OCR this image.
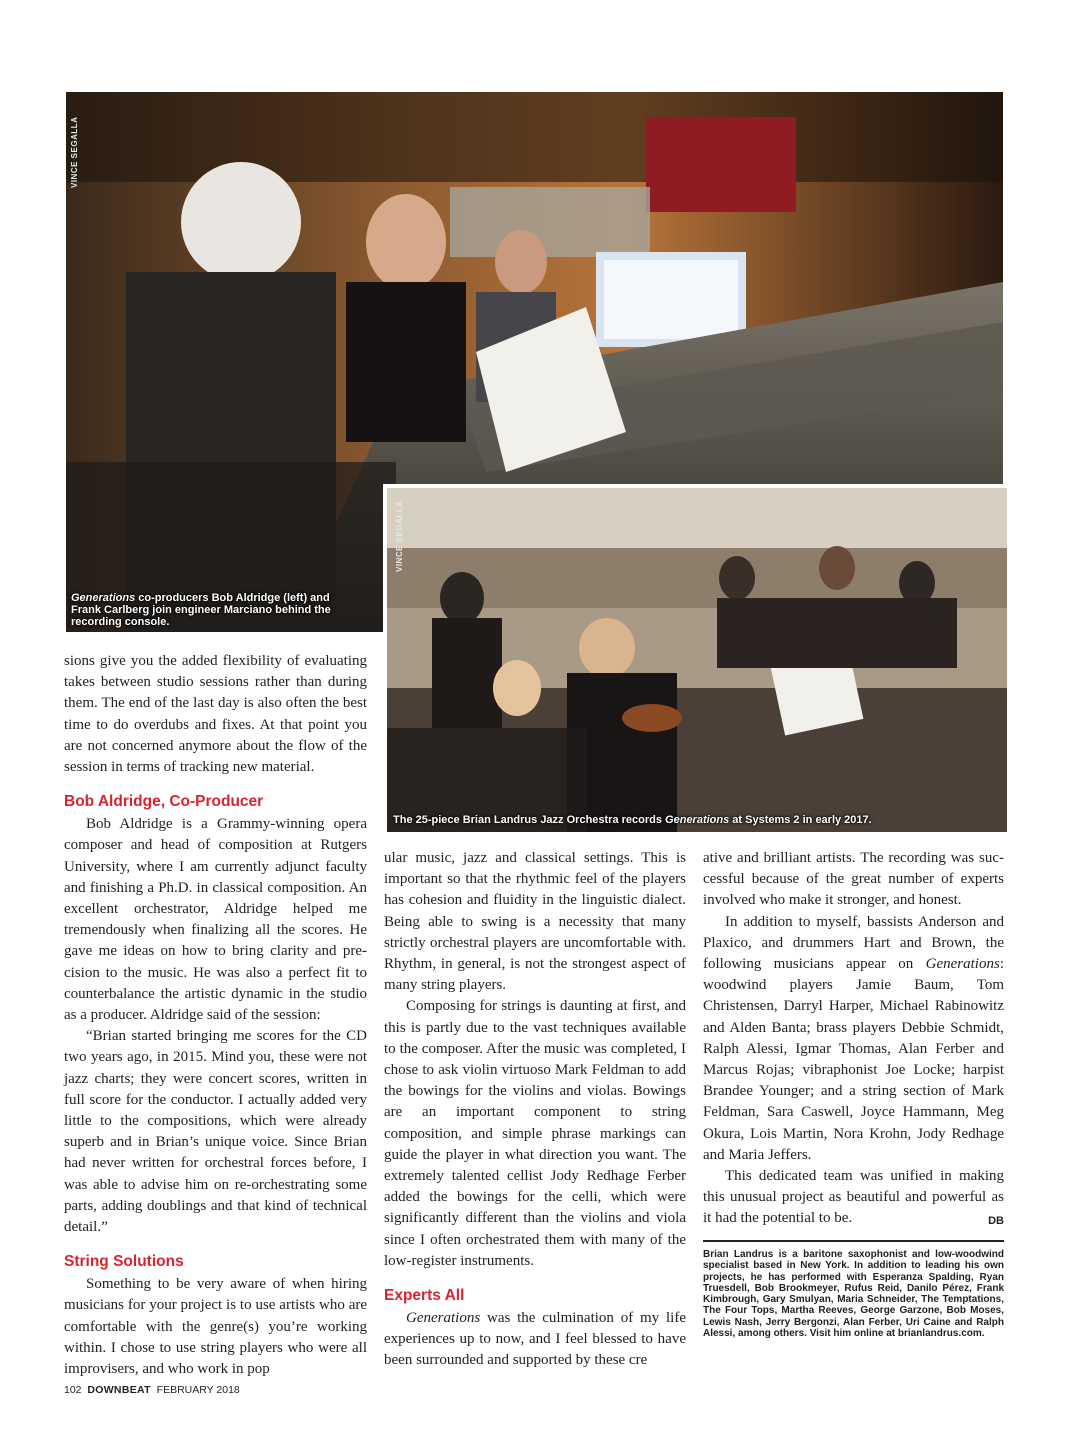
VINCE SEGALLA
Generations co-producers Bob Aldridge (left) and Frank Carlberg join engineer Marciano behind the recording console.
VINCE SEGALLA
The 25-piece Brian Landrus Jazz Orchestra records Generations at Systems 2 in early 2017.

sions give you the added flexibility of evaluating takes between studio sessions rather than during them. The end of the last day is also often the best time to do overdubs and fixes. At that point you are not concerned anymore about the flow of the session in terms of tracking new material.

Bob Aldridge, Co-Producer

Bob Aldridge is a Grammy-winning opera composer and head of composition at Rutgers University, where I am currently adjunct faculty and finishing a Ph.D. in classical composition. An excellent orchestrator, Aldridge helped me tremendously when finalizing all the scores. He gave me ideas on how to bring clarity and precision to the music. He was also a perfect fit to counterbalance the artistic dynamic in the studio as a producer. Aldridge said of the session:

“Brian started bringing me scores for the CD two years ago, in 2015. Mind you, these were not jazz charts; they were concert scores, written in full score for the conductor. I actually added very little to the compositions, which were already superb and in Brian’s unique voice. Since Brian had never written for orchestral forces before, I was able to advise him on re-orchestrating some parts, adding doublings and that kind of technical detail.”

String Solutions

Something to be very aware of when hiring musicians for your project is to use artists who are comfortable with the genre(s) you’re working within. I chose to use string players who were all improvisers, and who work in pop

ular music, jazz and classical settings. This is important so that the rhythmic feel of the players has cohesion and fluidity in the linguistic dialect. Being able to swing is a necessity that many strictly orchestral players are uncomfortable with. Rhythm, in general, is not the strongest aspect of many string players.

Composing for strings is daunting at first, and this is partly due to the vast techniques available to the composer. After the music was completed, I chose to ask violin virtuoso Mark Feldman to add the bowings for the violins and violas. Bowings are an important component to string composition, and simple phrase markings can guide the player in what direction you want. The extremely talented cellist Jody Redhage Ferber added the bowings for the celli, which were significantly different than the violins and viola since I often orchestrated them with many of the low-register instruments.

Experts All

Generations was the culmination of my life experiences up to now, and I feel blessed to have been surrounded and supported by these cre

ative and brilliant artists. The recording was successful because of the great number of experts involved who make it stronger, and honest.

In addition to myself, bassists Anderson and Plaxico, and drummers Hart and Brown, the following musicians appear on Generations: woodwind players Jamie Baum, Tom Christensen, Darryl Harper, Michael Rabinowitz and Alden Banta; brass players Debbie Schmidt, Ralph Alessi, Igmar Thomas, Alan Ferber and Marcus Rojas; vibraphonist Joe Locke; harpist Brandee Younger; and a string section of Mark Feldman, Sara Caswell, Joyce Hammann, Meg Okura, Lois Martin, Nora Krohn, Jody Redhage and Maria Jeffers.

This dedicated team was unified in making this unusual project as beautiful and powerful as it had the potential to be.	DB

Brian Landrus is a baritone saxophonist and low-woodwind specialist based in New York. In addition to leading his own projects, he has performed with Esperanza Spalding, Ryan Truesdell, Bob Brookmeyer, Rufus Reid, Danilo Pérez, Frank Kimbrough, Gary Smulyan, Maria Schneider, The Temptations, The Four Tops, Martha Reeves, George Garzone, Bob Moses, Lewis Nash, Jerry Bergonzi, Alan Ferber, Uri Caine and Ralph Alessi, among others. Visit him online at brianlandrus.com.
102 DOWNBEAT FEBRUARY 2018
